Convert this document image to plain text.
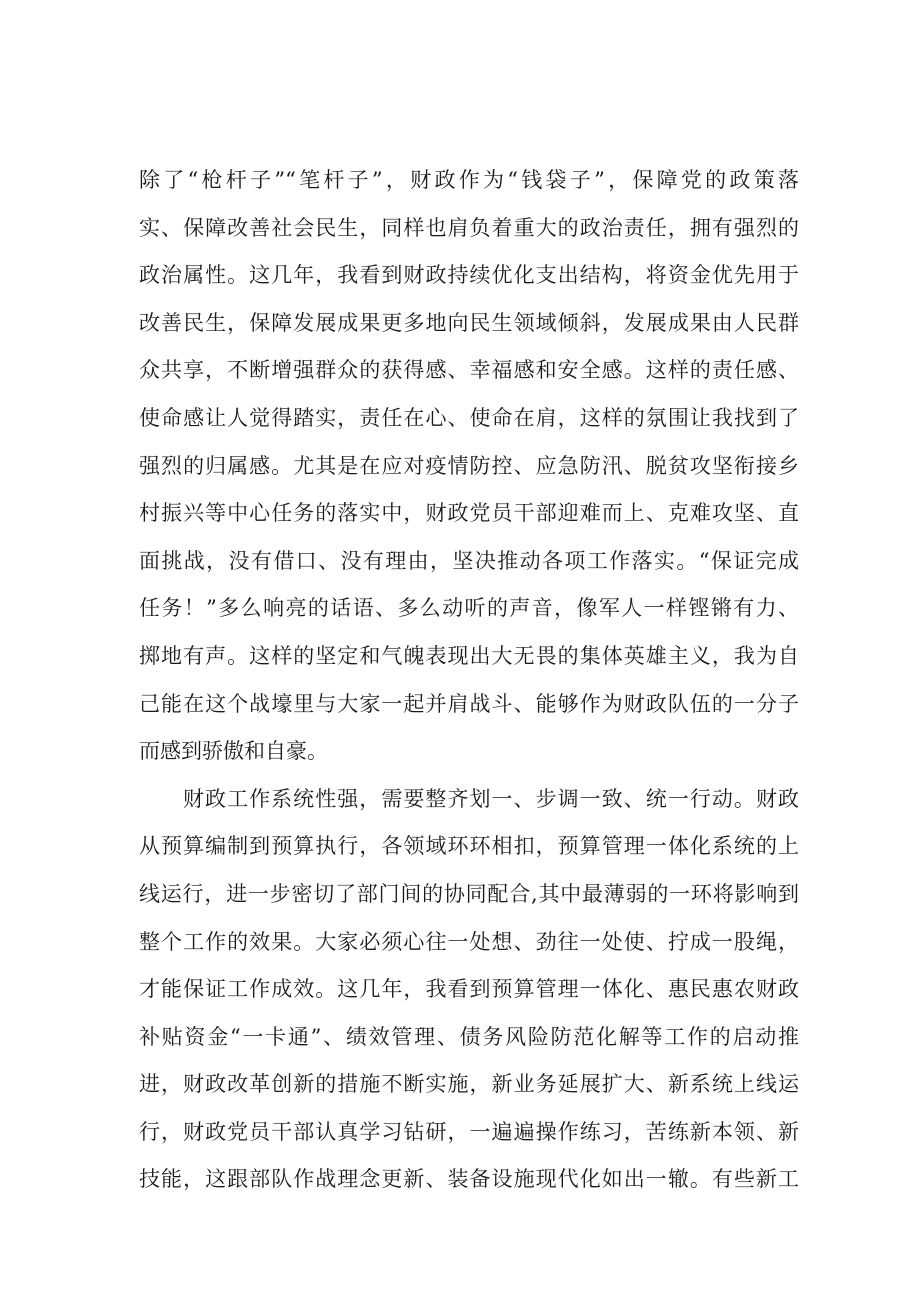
除了“枪杆子”“笔杆子”，财政作为“钱袋子”，保障党的政策落
实、保障改善社会民生，同样也肩负着重大的政治责任，拥有强烈的
政治属性。这几年，我看到财政持续优化支出结构，将资金优先用于
改善民生，保障发展成果更多地向民生领域倾斜，发展成果由人民群
众共享，不断增强群众的获得感、幸福感和安全感。这样的责任感、
使命感让人觉得踏实，责任在心、使命在肩，这样的氛围让我找到了
强烈的归属感。尤其是在应对疫情防控、应急防汛、脱贫攻坚衔接乡
村振兴等中心任务的落实中，财政党员干部迎难而上、克难攻坚、直
面挑战，没有借口、没有理由，坚决推动各项工作落实。“保证完成
任务！”多么响亮的话语、多么动听的声音，像军人一样铿锵有力、
掷地有声。这样的坚定和气魄表现出大无畏的集体英雄主义，我为自
己能在这个战壕里与大家一起并肩战斗、能够作为财政队伍的一分子
而感到骄傲和自豪。
财政工作系统性强，需要整齐划一、步调一致、统一行动。财政
从预算编制到预算执行，各领域环环相扣，预算管理一体化系统的上
线运行，进一步密切了部门间的协同配合,其中最薄弱的一环将影响到
整个工作的效果。大家必须心往一处想、劲往一处使、拧成一股绳，
才能保证工作成效。这几年，我看到预算管理一体化、惠民惠农财政
补贴资金“一卡通”、绩效管理、债务风险防范化解等工作的启动推
进，财政改革创新的措施不断实施，新业务延展扩大、新系统上线运
行，财政党员干部认真学习钻研，一遍遍操作练习，苦练新本领、新
技能，这跟部队作战理念更新、装备设施现代化如出一辙。有些新工
